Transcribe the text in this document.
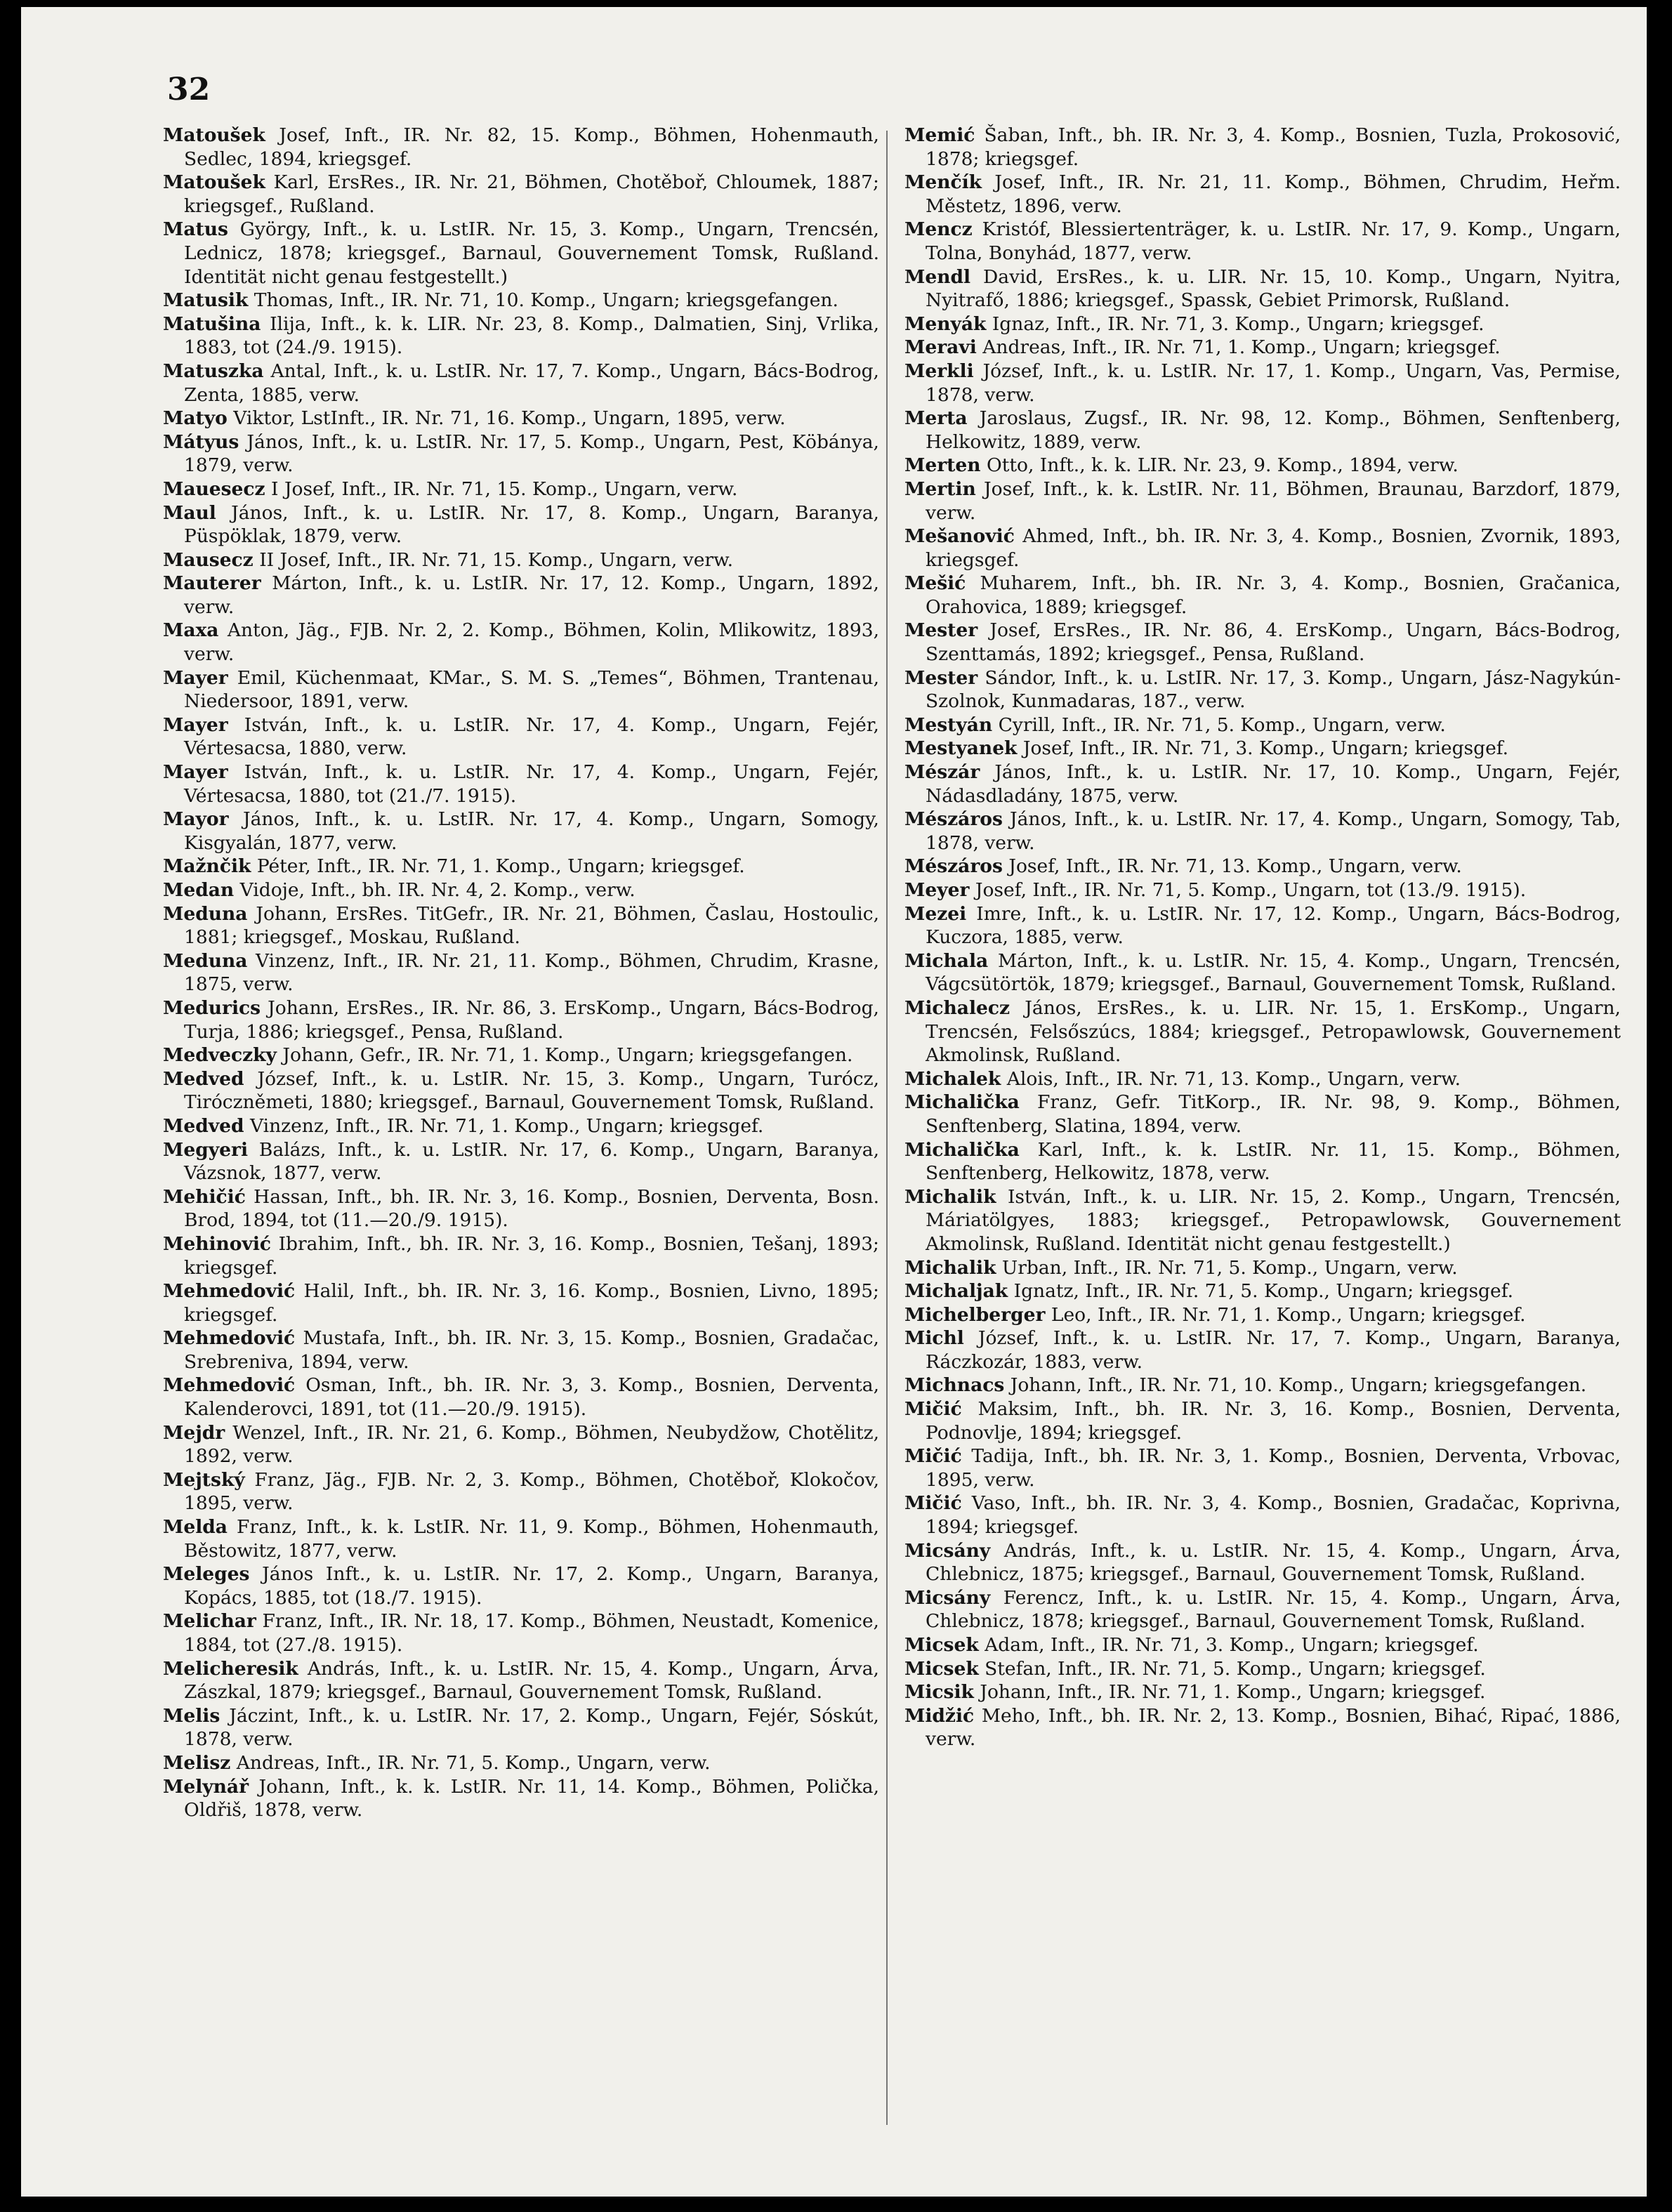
32
Matoušek Josef, Inft., IR. Nr. 82, 15. Komp., Böhmen, Hohenmauth, Sedlec, 1894, kriegsgef.
Matoušek Karl, ErsRes., IR. Nr. 21, Böhmen, Chotěboř, Chloumek, 1887; kriegsgef., Rußland.
Matus György, Inft., k. u. LstIR. Nr. 15, 3. Komp., Ungarn, Trencsén, Lednicz, 1878; kriegsgef., Barnaul, Gouvernement Tomsk, Rußland. Identität nicht genau festgestellt.)
Matusik Thomas, Inft., IR. Nr. 71, 10. Komp., Ungarn; kriegsgefangen.
Matušina Ilija, Inft., k. k. LIR. Nr. 23, 8. Komp., Dalmatien, Sinj, Vrlika, 1883, tot (24./9. 1915).
Matuszka Antal, Inft., k. u. LstIR. Nr. 17, 7. Komp., Ungarn, Bács-Bodrog, Zenta, 1885, verw.
Matyo Viktor, LstInft., IR. Nr. 71, 16. Komp., Ungarn, 1895, verw.
Mátyus János, Inft., k. u. LstIR. Nr. 17, 5. Komp., Ungarn, Pest, Köbánya, 1879, verw.
Mauesecz I Josef, Inft., IR. Nr. 71, 15. Komp., Ungarn, verw.
Maul János, Inft., k. u. LstIR. Nr. 17, 8. Komp., Ungarn, Baranya, Püspöklak, 1879, verw.
Mausecz II Josef, Inft., IR. Nr. 71, 15. Komp., Ungarn, verw.
Mauterer Márton, Inft., k. u. LstIR. Nr. 17, 12. Komp., Ungarn, 1892, verw.
Maxa Anton, Jäg., FJB. Nr. 2, 2. Komp., Böhmen, Kolin, Mlikowitz, 1893, verw.
Mayer Emil, Küchenmaat, KMar., S. M. S. „Temes“, Böhmen, Trantenau, Niedersoor, 1891, verw.
Mayer István, Inft., k. u. LstIR. Nr. 17, 4. Komp., Ungarn, Fejér, Vértesacsa, 1880, verw.
Mayer István, Inft., k. u. LstIR. Nr. 17, 4. Komp., Ungarn, Fejér, Vértesacsa, 1880, tot (21./7. 1915).
Mayor János, Inft., k. u. LstIR. Nr. 17, 4. Komp., Ungarn, Somogy, Kisgyalán, 1877, verw.
Mažnčik Péter, Inft., IR. Nr. 71, 1. Komp., Ungarn; kriegsgef.
Medan Vidoje, Inft., bh. IR. Nr. 4, 2. Komp., verw.
Meduna Johann, ErsRes. TitGefr., IR. Nr. 21, Böhmen, Časlau, Hostoulic, 1881; kriegsgef., Moskau, Rußland.
Meduna Vinzenz, Inft., IR. Nr. 21, 11. Komp., Böhmen, Chrudim, Krasne, 1875, verw.
Medurics Johann, ErsRes., IR. Nr. 86, 3. ErsKomp., Ungarn, Bács-Bodrog, Turja, 1886; kriegsgef., Pensa, Rußland.
Medveczky Johann, Gefr., IR. Nr. 71, 1. Komp., Ungarn; kriegsgefangen.
Medved József, Inft., k. u. LstIR. Nr. 15, 3. Komp., Ungarn, Turócz, Tiróczněmeti, 1880; kriegsgef., Barnaul, Gouvernement Tomsk, Rußland.
Medved Vinzenz, Inft., IR. Nr. 71, 1. Komp., Ungarn; kriegsgef.
Megyeri Balázs, Inft., k. u. LstIR. Nr. 17, 6. Komp., Ungarn, Baranya, Vázsnok, 1877, verw.
Mehičić Hassan, Inft., bh. IR. Nr. 3, 16. Komp., Bosnien, Derventa, Bosn. Brod, 1894, tot (11.—20./9. 1915).
Mehinović Ibrahim, Inft., bh. IR. Nr. 3, 16. Komp., Bosnien, Tešanj, 1893; kriegsgef.
Mehmedović Halil, Inft., bh. IR. Nr. 3, 16. Komp., Bosnien, Livno, 1895; kriegsgef.
Mehmedović Mustafa, Inft., bh. IR. Nr. 3, 15. Komp., Bosnien, Gradačac, Srebreniva, 1894, verw.
Mehmedović Osman, Inft., bh. IR. Nr. 3, 3. Komp., Bosnien, Derventa, Kalenderovci, 1891, tot (11.—20./9. 1915).
Mejdr Wenzel, Inft., IR. Nr. 21, 6. Komp., Böhmen, Neubydžow, Chotělitz, 1892, verw.
Mejtský Franz, Jäg., FJB. Nr. 2, 3. Komp., Böhmen, Chotěboř, Klokočov, 1895, verw.
Melda Franz, Inft., k. k. LstIR. Nr. 11, 9. Komp., Böhmen, Hohenmauth, Běstowitz, 1877, verw.
Meleges János Inft., k. u. LstIR. Nr. 17, 2. Komp., Ungarn, Baranya, Kopács, 1885, tot (18./7. 1915).
Melichar Franz, Inft., IR. Nr. 18, 17. Komp., Böhmen, Neustadt, Komenice, 1884, tot (27./8. 1915).
Melicheresik András, Inft., k. u. LstIR. Nr. 15, 4. Komp., Ungarn, Árva, Zászkal, 1879; kriegsgef., Barnaul, Gouvernement Tomsk, Rußland.
Melis Jáczint, Inft., k. u. LstIR. Nr. 17, 2. Komp., Ungarn, Fejér, Sóskút, 1878, verw.
Melisz Andreas, Inft., IR. Nr. 71, 5. Komp., Ungarn, verw.
Melynář Johann, Inft., k. k. LstIR. Nr. 11, 14. Komp., Böhmen, Polička, Oldřiš, 1878, verw.
Memić Šaban, Inft., bh. IR. Nr. 3, 4. Komp., Bosnien, Tuzla, Prokosović, 1878; kriegsgef.
Menčík Josef, Inft., IR. Nr. 21, 11. Komp., Böhmen, Chrudim, Heřm. Městetz, 1896, verw.
Mencz Kristóf, Blessiertenträger, k. u. LstIR. Nr. 17, 9. Komp., Ungarn, Tolna, Bonyhád, 1877, verw.
Mendl David, ErsRes., k. u. LIR. Nr. 15, 10. Komp., Ungarn, Nyitra, Nyitrafő, 1886; kriegsgef., Spassk, Gebiet Primorsk, Rußland.
Menyák Ignaz, Inft., IR. Nr. 71, 3. Komp., Ungarn; kriegsgef.
Meravi Andreas, Inft., IR. Nr. 71, 1. Komp., Ungarn; kriegsgef.
Merkli József, Inft., k. u. LstIR. Nr. 17, 1. Komp., Ungarn, Vas, Permise, 1878, verw.
Merta Jaroslaus, Zugsf., IR. Nr. 98, 12. Komp., Böhmen, Senftenberg, Helkowitz, 1889, verw.
Merten Otto, Inft., k. k. LIR. Nr. 23, 9. Komp., 1894, verw.
Mertin Josef, Inft., k. k. LstIR. Nr. 11, Böhmen, Braunau, Barzdorf, 1879, verw.
Mešanović Ahmed, Inft., bh. IR. Nr. 3, 4. Komp., Bosnien, Zvornik, 1893, kriegsgef.
Mešić Muharem, Inft., bh. IR. Nr. 3, 4. Komp., Bosnien, Gračanica, Orahovica, 1889; kriegsgef.
Mester Josef, ErsRes., IR. Nr. 86, 4. ErsKomp., Ungarn, Bács-Bodrog, Szenttamás, 1892; kriegsgef., Pensa, Rußland.
Mester Sándor, Inft., k. u. LstIR. Nr. 17, 3. Komp., Ungarn, Jász-Nagykún-Szolnok, Kunmadaras, 187., verw.
Mestyán Cyrill, Inft., IR. Nr. 71, 5. Komp., Ungarn, verw.
Mestyanek Josef, Inft., IR. Nr. 71, 3. Komp., Ungarn; kriegsgef.
Mészár János, Inft., k. u. LstIR. Nr. 17, 10. Komp., Ungarn, Fejér, Nádasdladány, 1875, verw.
Mészáros János, Inft., k. u. LstIR. Nr. 17, 4. Komp., Ungarn, Somogy, Tab, 1878, verw.
Mészáros Josef, Inft., IR. Nr. 71, 13. Komp., Ungarn, verw.
Meyer Josef, Inft., IR. Nr. 71, 5. Komp., Ungarn, tot (13./9. 1915).
Mezei Imre, Inft., k. u. LstIR. Nr. 17, 12. Komp., Ungarn, Bács-Bodrog, Kuczora, 1885, verw.
Michala Márton, Inft., k. u. LstIR. Nr. 15, 4. Komp., Ungarn, Trencsén, Vágcsütörtök, 1879; kriegsgef., Barnaul, Gouvernement Tomsk, Rußland.
Michalecz János, ErsRes., k. u. LIR. Nr. 15, 1. ErsKomp., Ungarn, Trencsén, Felsőszúcs, 1884; kriegsgef., Petropawlowsk, Gouvernement Akmolinsk, Rußland.
Michalek Alois, Inft., IR. Nr. 71, 13. Komp., Ungarn, verw.
Michalička Franz, Gefr. TitKorp., IR. Nr. 98, 9. Komp., Böhmen, Senftenberg, Slatina, 1894, verw.
Michalička Karl, Inft., k. k. LstIR. Nr. 11, 15. Komp., Böhmen, Senftenberg, Helkowitz, 1878, verw.
Michalik István, Inft., k. u. LIR. Nr. 15, 2. Komp., Ungarn, Trencsén, Máriatölgyes, 1883; kriegsgef., Petropawlowsk, Gouvernement Akmolinsk, Rußland. Identität nicht genau festgestellt.)
Michalik Urban, Inft., IR. Nr. 71, 5. Komp., Ungarn, verw.
Michaljak Ignatz, Inft., IR. Nr. 71, 5. Komp., Ungarn; kriegsgef.
Michelberger Leo, Inft., IR. Nr. 71, 1. Komp., Ungarn; kriegsgef.
Michl József, Inft., k. u. LstIR. Nr. 17, 7. Komp., Ungarn, Baranya, Ráczkozár, 1883, verw.
Michnacs Johann, Inft., IR. Nr. 71, 10. Komp., Ungarn; kriegsgefangen.
Mičić Maksim, Inft., bh. IR. Nr. 3, 16. Komp., Bosnien, Derventa, Podnovlje, 1894; kriegsgef.
Mičić Tadija, Inft., bh. IR. Nr. 3, 1. Komp., Bosnien, Derventa, Vrbovac, 1895, verw.
Mičić Vaso, Inft., bh. IR. Nr. 3, 4. Komp., Bosnien, Gradačac, Koprivna, 1894; kriegsgef.
Micsány András, Inft., k. u. LstIR. Nr. 15, 4. Komp., Ungarn, Árva, Chlebnicz, 1875; kriegsgef., Barnaul, Gouvernement Tomsk, Rußland.
Micsány Ferencz, Inft., k. u. LstIR. Nr. 15, 4. Komp., Ungarn, Árva, Chlebnicz, 1878; kriegsgef., Barnaul, Gouvernement Tomsk, Rußland.
Micsek Adam, Inft., IR. Nr. 71, 3. Komp., Ungarn; kriegsgef.
Micsek Stefan, Inft., IR. Nr. 71, 5. Komp., Ungarn; kriegsgef.
Micsik Johann, Inft., IR. Nr. 71, 1. Komp., Ungarn; kriegsgef.
Midžić Meho, Inft., bh. IR. Nr. 2, 13. Komp., Bosnien, Bihać, Ripać, 1886, verw.
